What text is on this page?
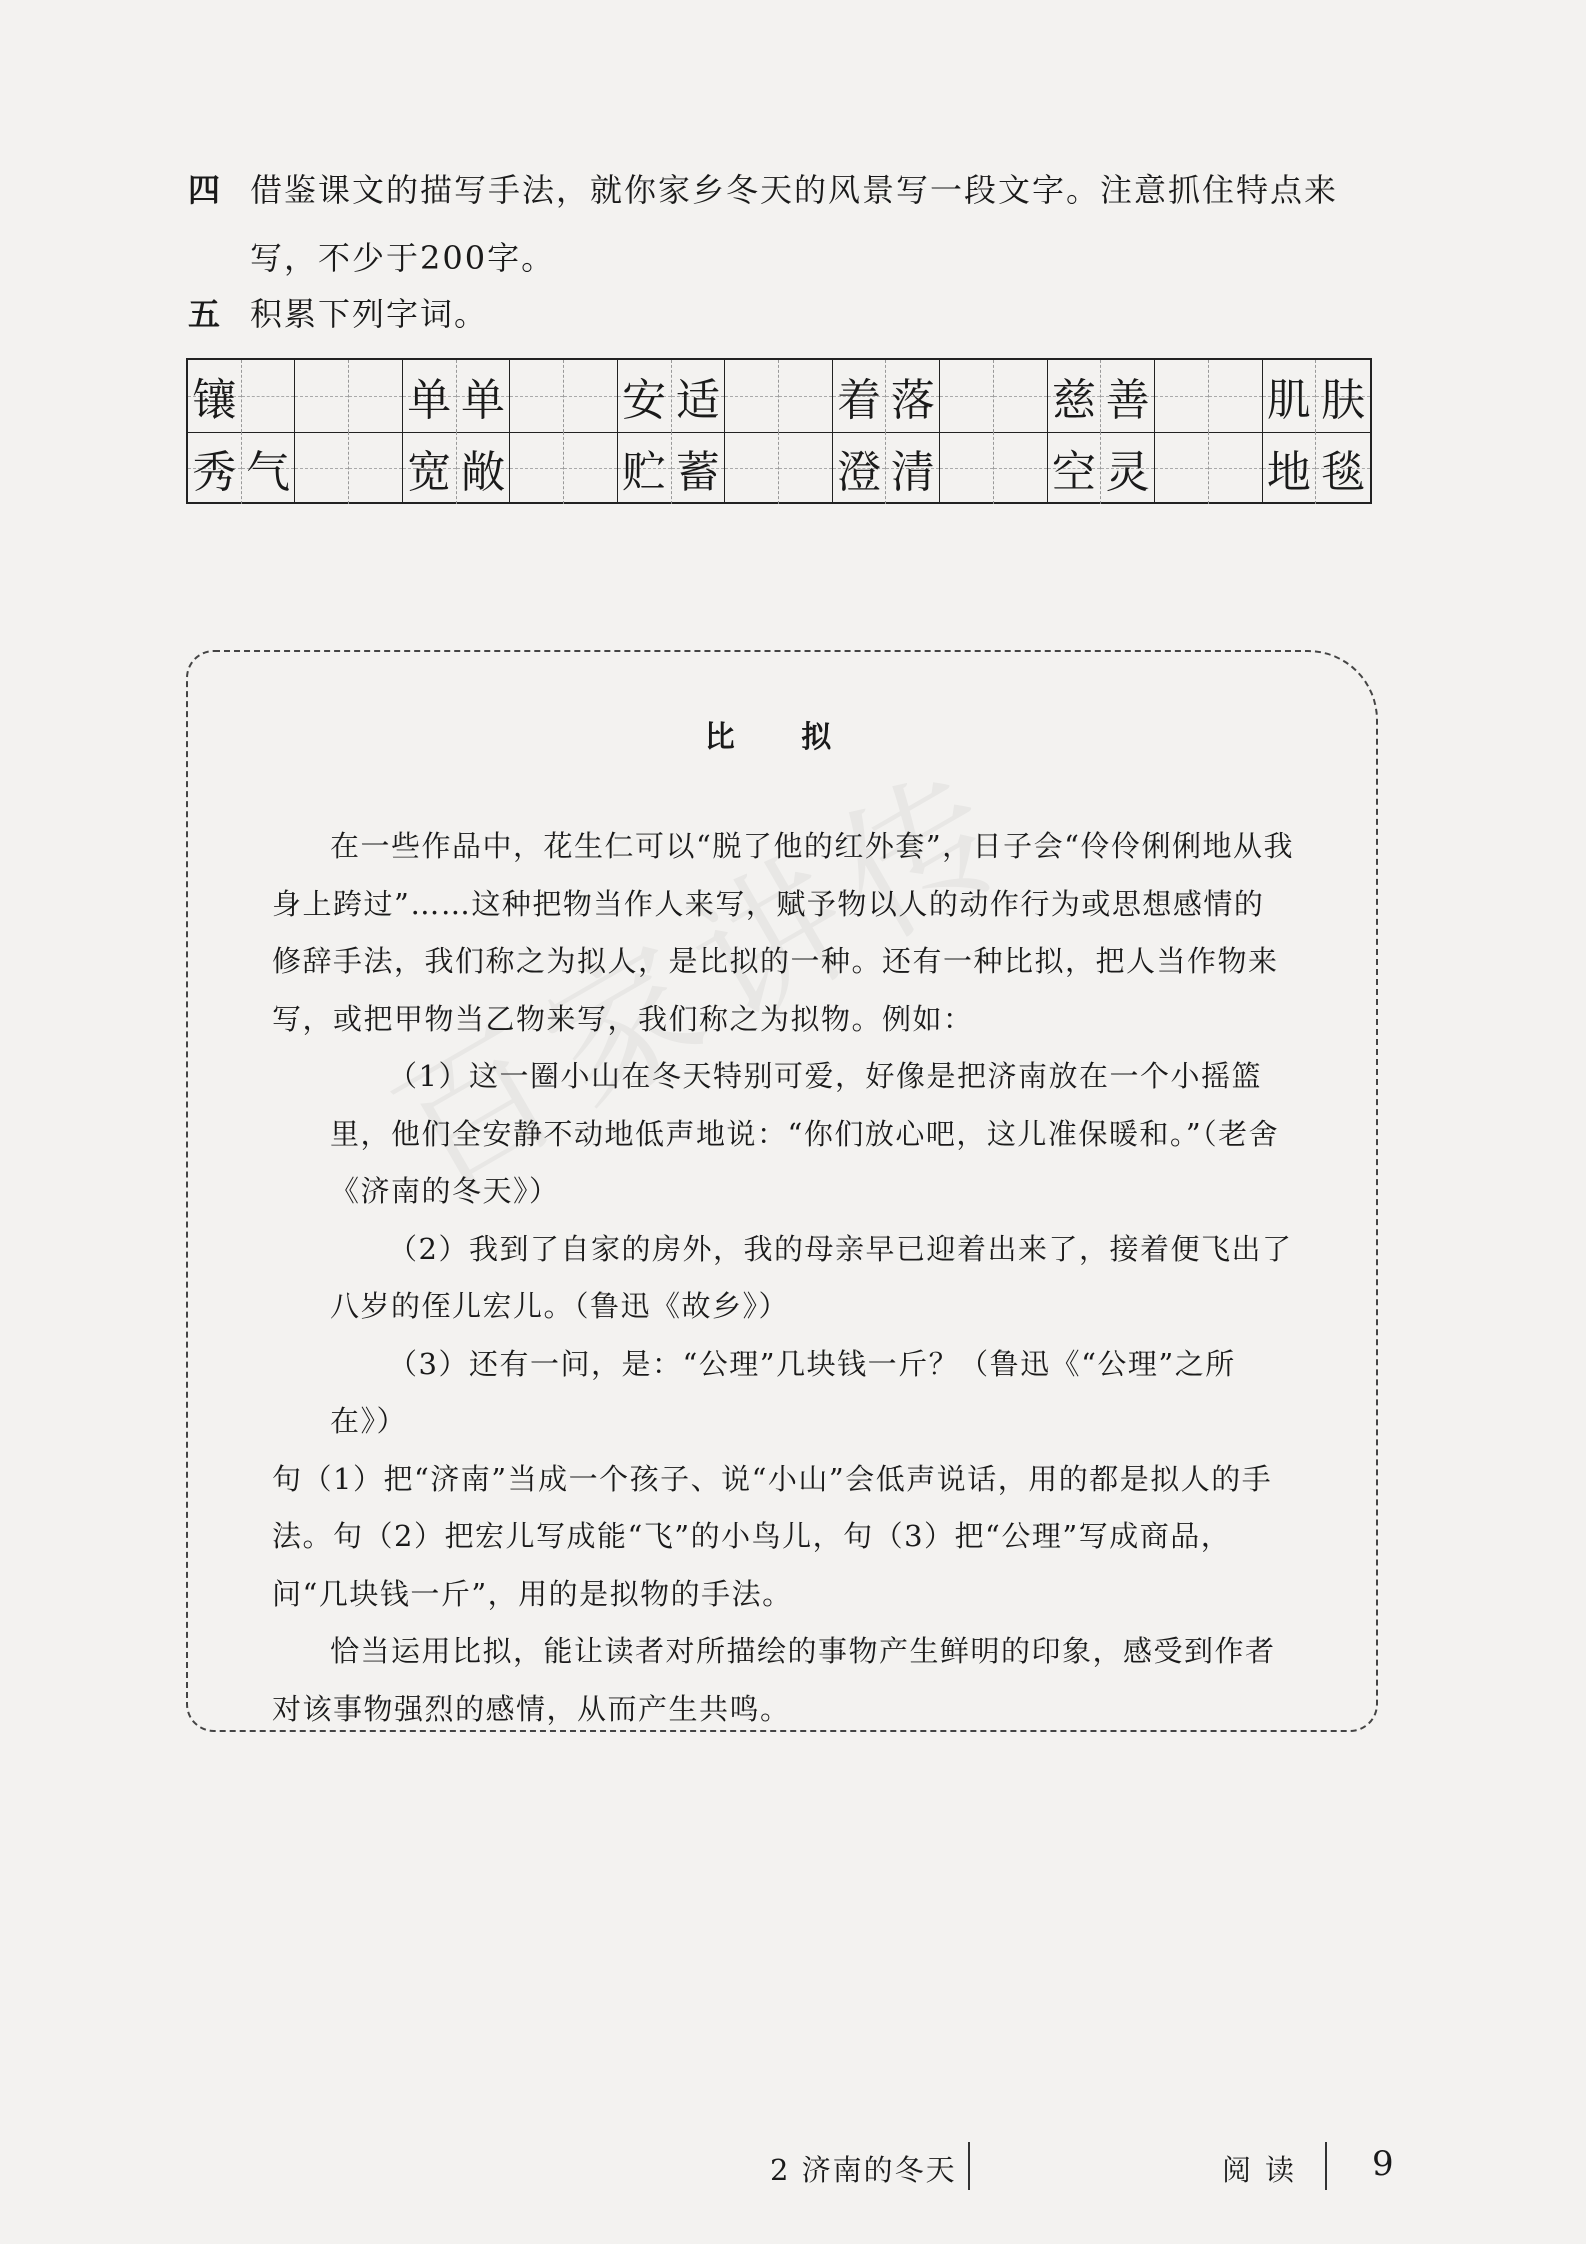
四 借鉴课文的描写手法，就你家乡冬天的风景写一段文字。注意抓住特点来
写，不少于200字。
五 积累下列字词。
镶	单 单	安 适	着 落	慈 善	肌 肤
秀 气	宽 敞	贮 蓄	澄 清	空 灵	地 毯
比 拟

在一些作品中，花生仁可以“脱了他的红外套”，日子会“伶伶俐俐地从我身上跨过”……这种把物当作人来写，赋予物以人的动作行为或思想感情的修辞手法，我们称之为拟人，是比拟的一种。还有一种比拟，把人当作物来写，或把甲物当乙物来写，我们称之为拟物。例如：

（1）这一圈小山在冬天特别可爱，好像是把济南放在一个小摇篮里，他们全安静不动地低声地说：“你们放心吧，这儿准保暖和。”（老舍《济南的冬天》）

（2）我到了自家的房外，我的母亲早已迎着出来了，接着便飞出了八岁的侄儿宏儿。（鲁迅《故乡》）

（3）还有一问，是：“公理”几块钱一斤？（鲁迅《“公理”之所在》）

句（1）把“济南”当成一个孩子、说“小山”会低声说话，用的都是拟人的手法。句（2）把宏儿写成能“飞”的小鸟儿，句（3）把“公理”写成商品，问“几块钱一斤”，用的是拟物的手法。

恰当运用比拟，能让读者对所描绘的事物产生鲜明的印象，感受到作者对该事物强烈的感情，从而产生共鸣。

2 济南的冬天	阅读 9
